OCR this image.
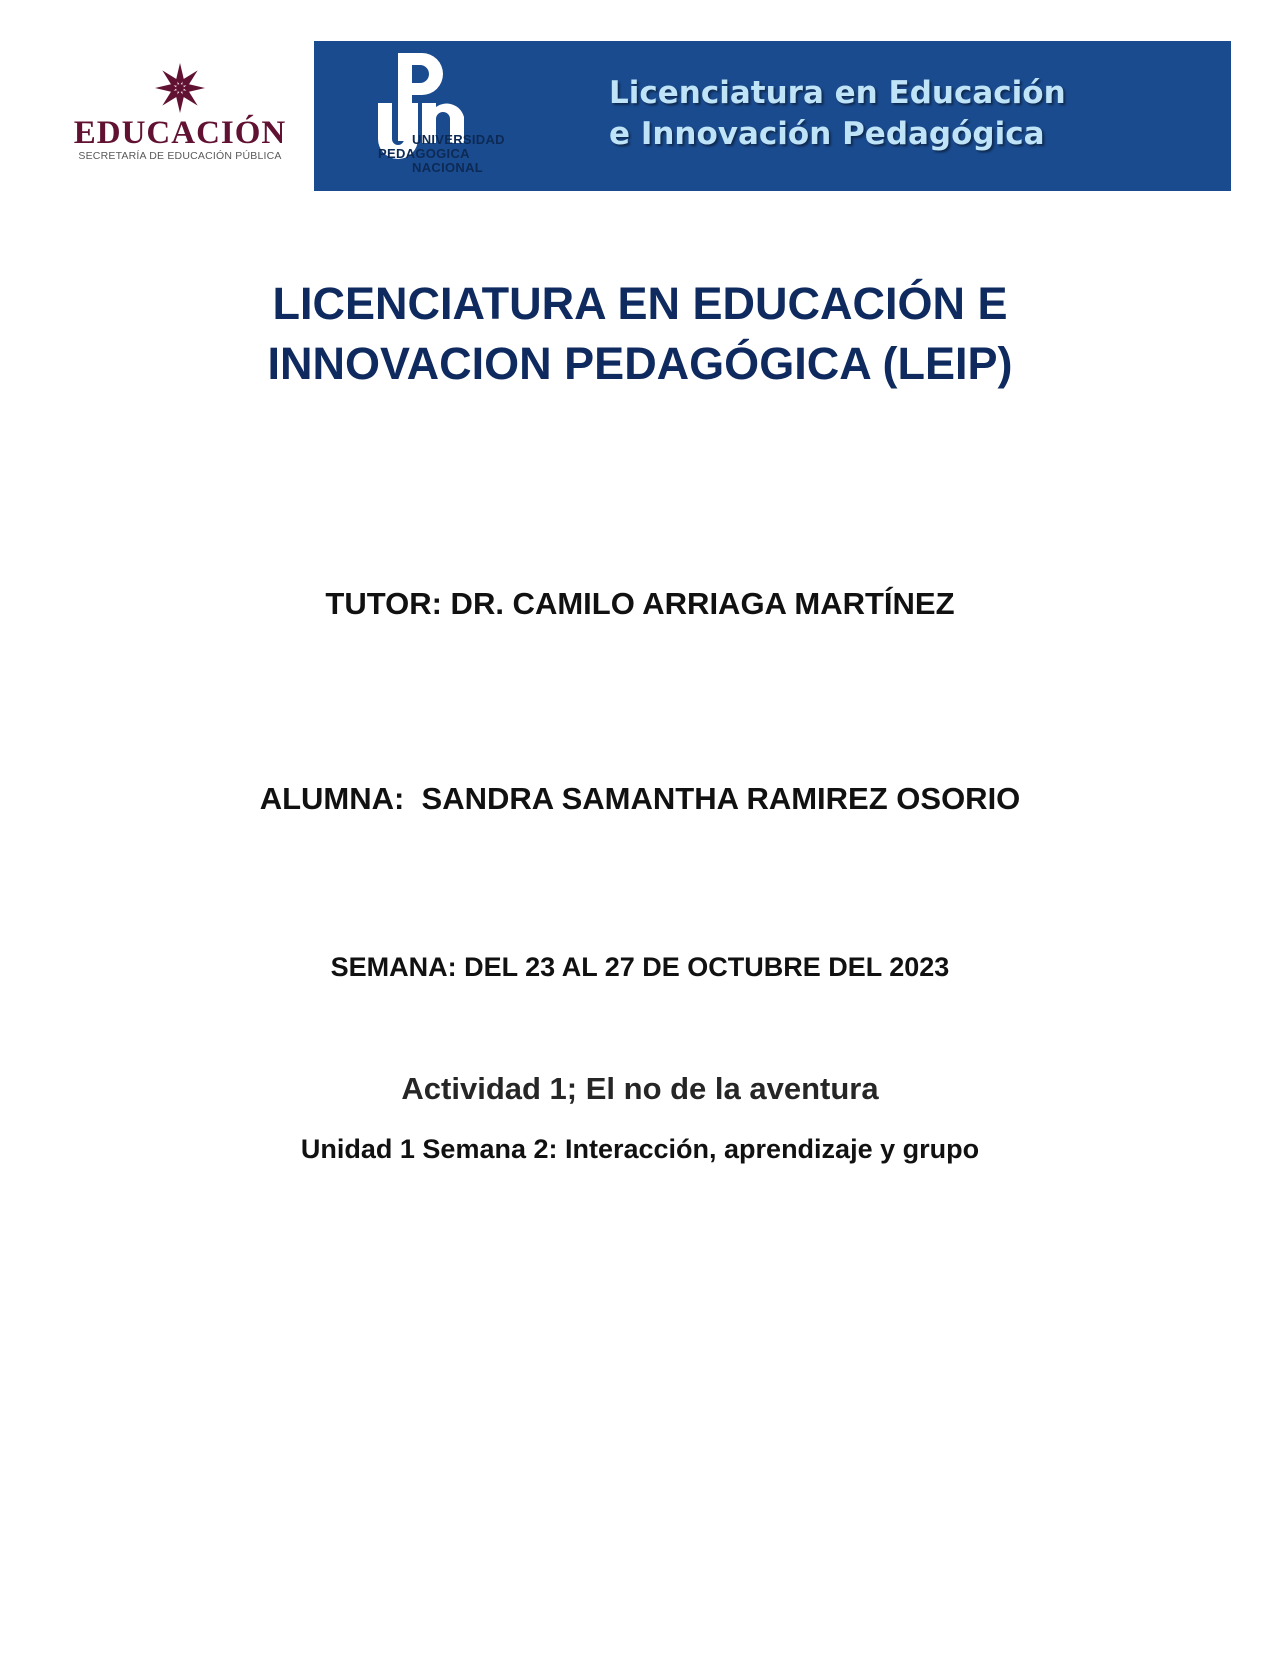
EDUCACIÓN
SECRETARÍA DE EDUCACIÓN PÚBLICA
UNIVERSIDAD
PEDAGOGICA
NACIONAL
Licenciatura en Educación
e Innovación Pedagógica
LICENCIATURA EN EDUCACIÓN E
INNOVACION PEDAGÓGICA (LEIP)
TUTOR: DR. CAMILO ARRIAGA MARTÍNEZ
ALUMNA:  SANDRA SAMANTHA RAMIREZ OSORIO
SEMANA: DEL 23 AL 27 DE OCTUBRE DEL 2023
Actividad 1; El no de la aventura
Unidad 1 Semana 2: Interacción, aprendizaje y grupo
